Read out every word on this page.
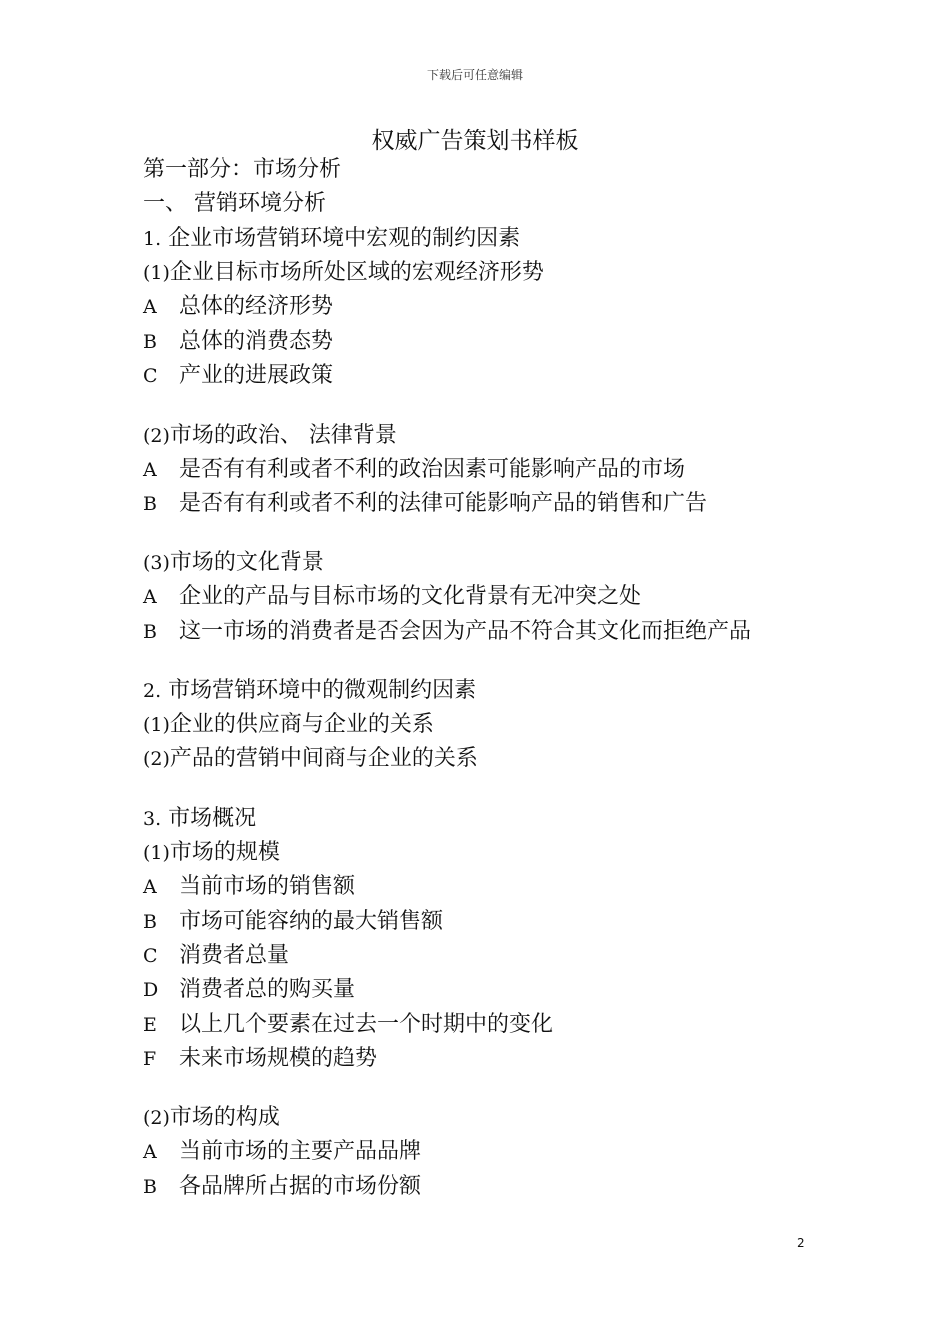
下载后可任意编辑
权威广告策划书样板
第一部分：市场分析
一、 营销环境分析
1. 企业市场营销环境中宏观的制约因素
(1)企业目标市场所处区域的宏观经济形势
A 总体的经济形势
B 总体的消费态势
C 产业的进展政策
(2)市场的政治、 法律背景
A 是否有有利或者不利的政治因素可能影响产品的市场
B 是否有有利或者不利的法律可能影响产品的销售和广告
(3)市场的文化背景
A 企业的产品与目标市场的文化背景有无冲突之处
B 这一市场的消费者是否会因为产品不符合其文化而拒绝产品
2. 市场营销环境中的微观制约因素
(1)企业的供应商与企业的关系
(2)产品的营销中间商与企业的关系
3. 市场概况
(1)市场的规模
A 当前市场的销售额
B 市场可能容纳的最大销售额
C 消费者总量
D 消费者总的购买量
E 以上几个要素在过去一个时期中的变化
F 未来市场规模的趋势
(2)市场的构成
A 当前市场的主要产品品牌
B 各品牌所占据的市场份额
2
